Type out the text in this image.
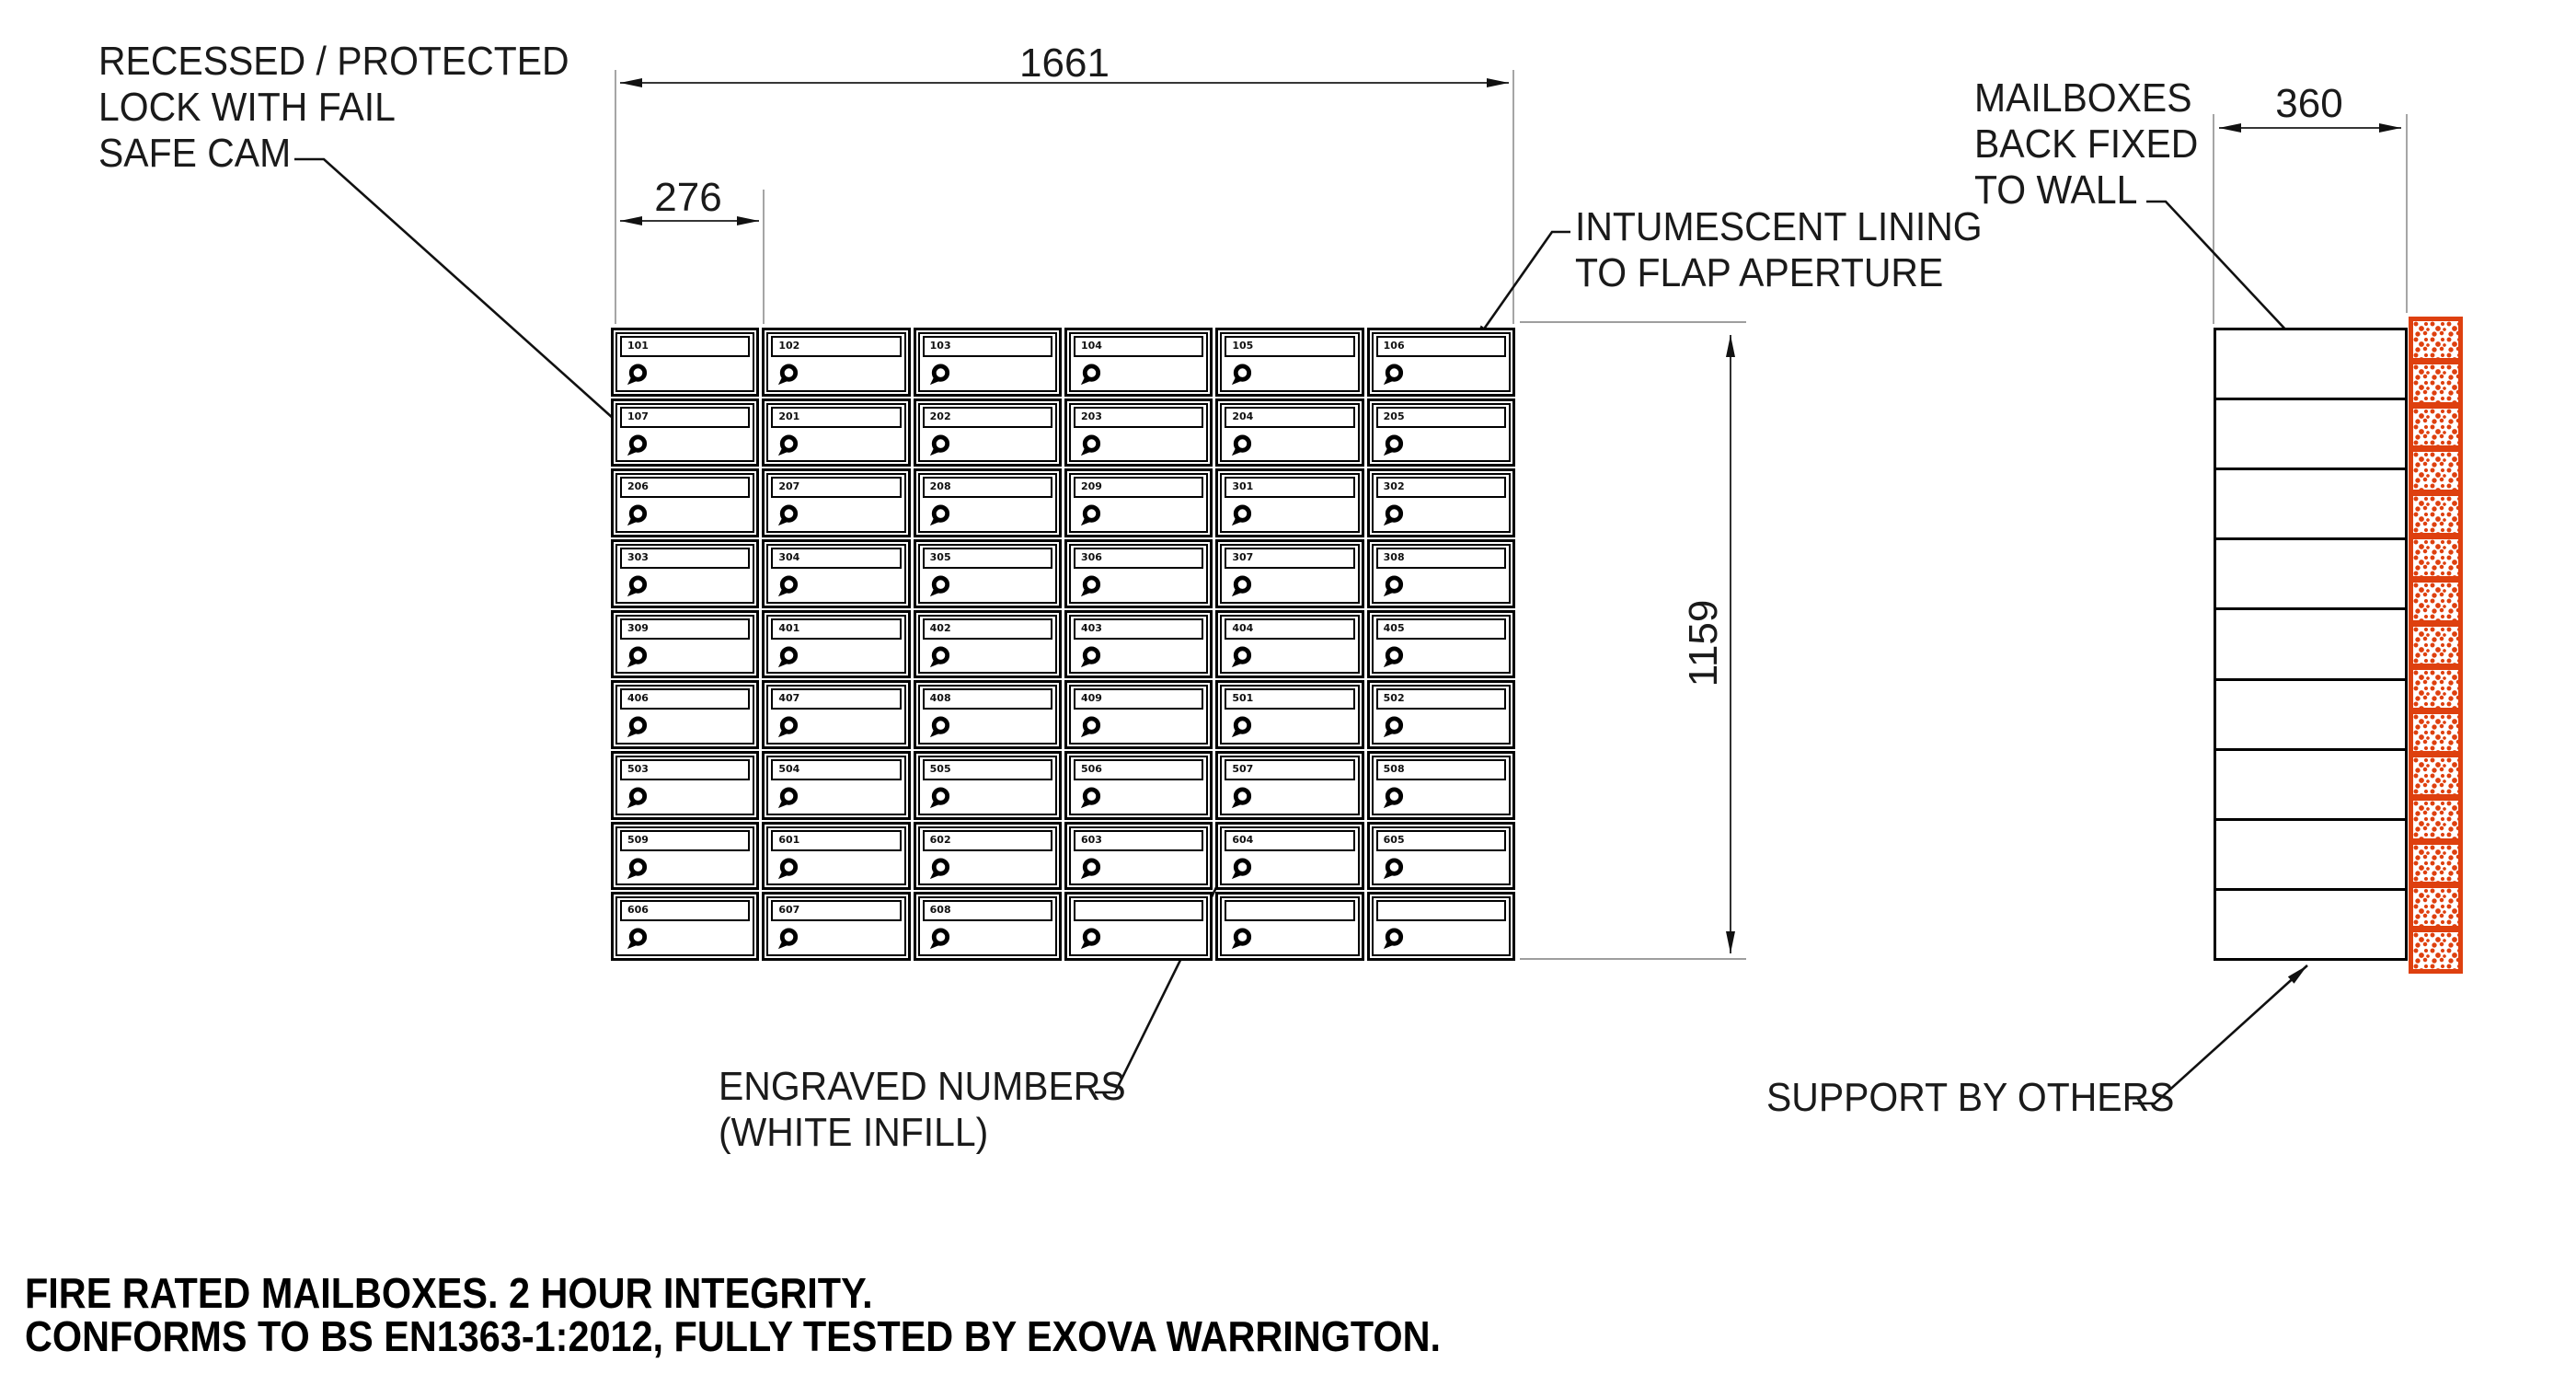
RECESSED / PROTECTED
LOCK WITH FAIL
SAFE CAM
INTUMESCENT LINING
TO FLAP APERTURE
MAILBOXES
BACK FIXED
TO WALL
ENGRAVED NUMBERS
(WHITE INFILL)
SUPPORT BY OTHERS
1661
276
360
1159
101	102	103	104	105	106
107	201	202	203	204	205
206	207	208	209	301	302
303	304	305	306	307	308
309	401	402	403	404	405
406	407	408	409	501	502
503	504	505	506	507	508
509	601	602	603	604	605
606	607	608
FIRE RATED MAILBOXES. 2 HOUR INTEGRITY.
CONFORMS TO BS EN1363-1:2012, FULLY TESTED BY EXOVA WARRINGTON.
